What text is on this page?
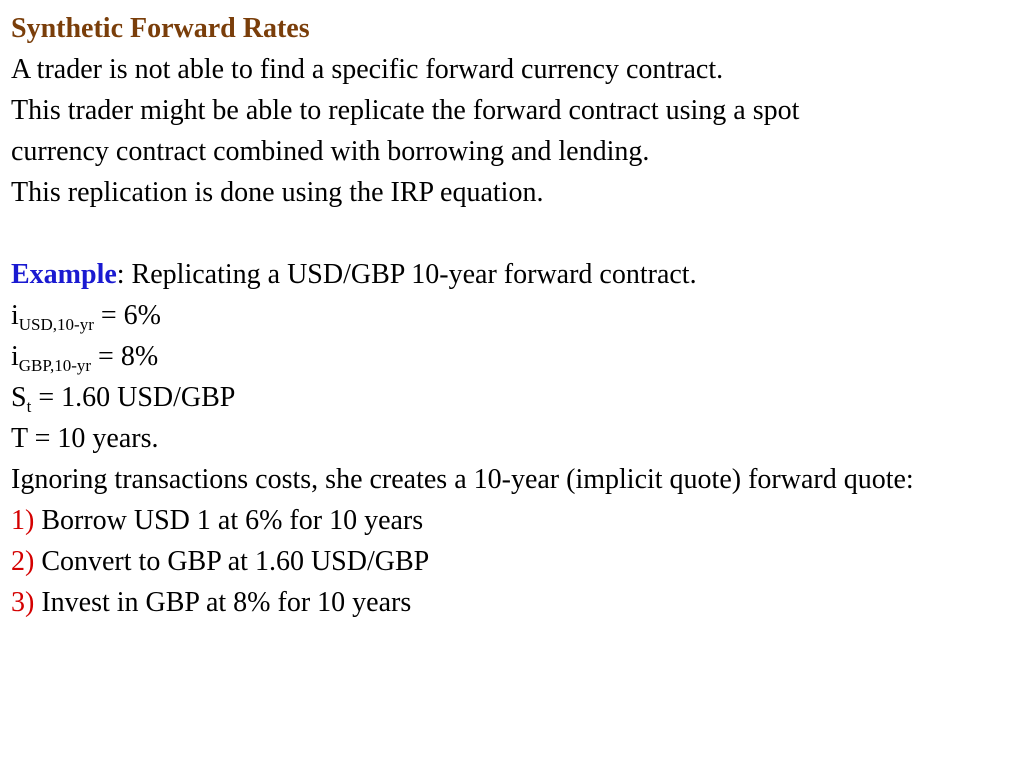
Synthetic Forward Rates
A trader is not able to find a specific forward currency contract.
This trader might be able to replicate the forward contract using a spot
currency contract combined with borrowing and lending.
This replication is done using the IRP equation.
Example: Replicating a USD/GBP 10-year forward contract.
$i_{USD,10-yr} = 6\%$
$i_{GBP,10-yr} = 8\%$
$S_t = 1.60$ USD/GBP
T = 10 years.
Ignoring transactions costs, she creates a 10-year (implicit quote) forward quote:
1) Borrow USD 1 at 6% for 10 years
2) Convert to GBP at 1.60 USD/GBP
3) Invest in GBP at 8% for 10 years
